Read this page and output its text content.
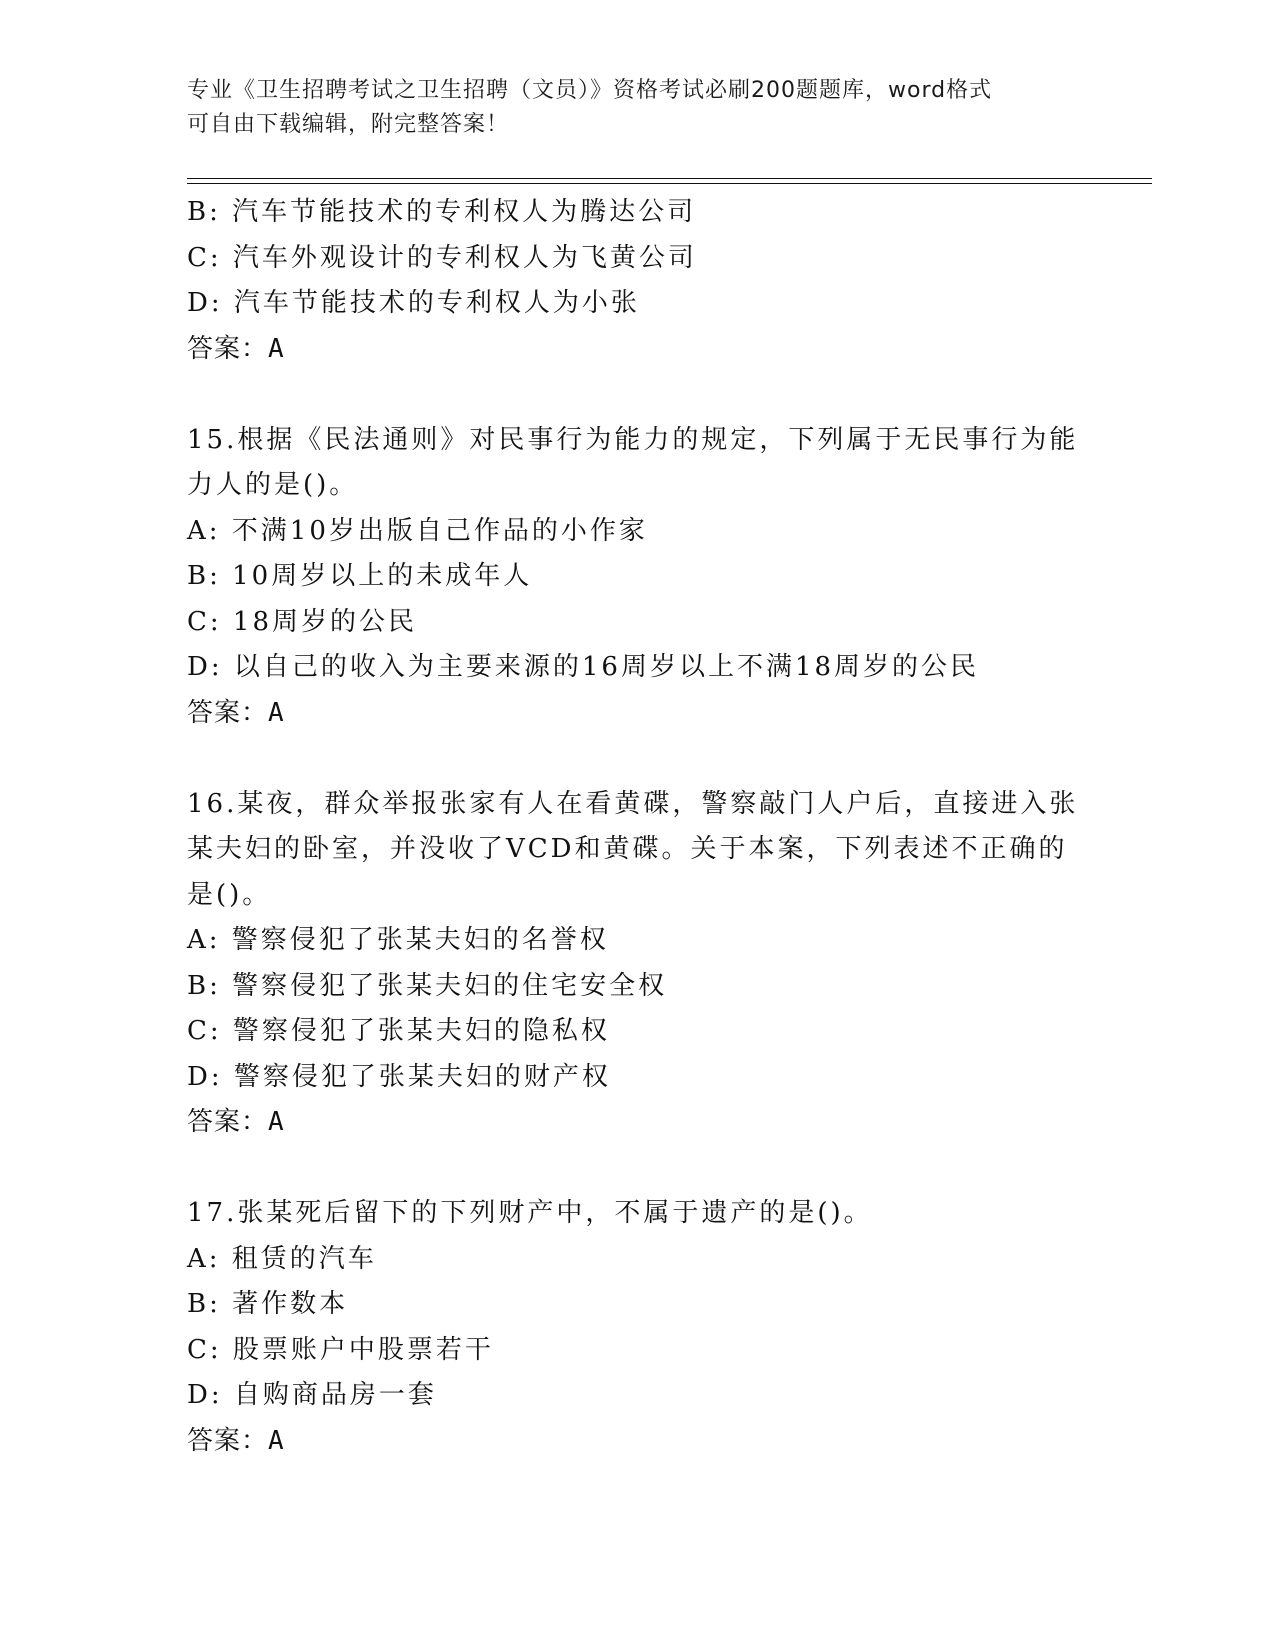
专业《卫生招聘考试之卫生招聘（文员）》资格考试必刷200题题库，word格式
可自由下载编辑，附完整答案！
B: 汽车节能技术的专利权人为腾达公司
C: 汽车外观设计的专利权人为飞黄公司
D: 汽车节能技术的专利权人为小张
答案：A
15.根据《民法通则》对民事行为能力的规定，下列属于无民事行为能
力人的是()。
A: 不满10岁出版自己作品的小作家
B: 10周岁以上的未成年人
C: 18周岁的公民
D: 以自己的收入为主要来源的16周岁以上不满18周岁的公民
答案：A
16.某夜，群众举报张家有人在看黄碟，警察敲门人户后，直接进入张
某夫妇的卧室，并没收了VCD和黄碟。关于本案，下列表述不正确的
是()。
A: 警察侵犯了张某夫妇的名誉权
B: 警察侵犯了张某夫妇的住宅安全权
C: 警察侵犯了张某夫妇的隐私权
D: 警察侵犯了张某夫妇的财产权
答案：A
17.张某死后留下的下列财产中，不属于遗产的是()。
A: 租赁的汽车
B: 著作数本
C: 股票账户中股票若干
D: 自购商品房一套
答案：A
